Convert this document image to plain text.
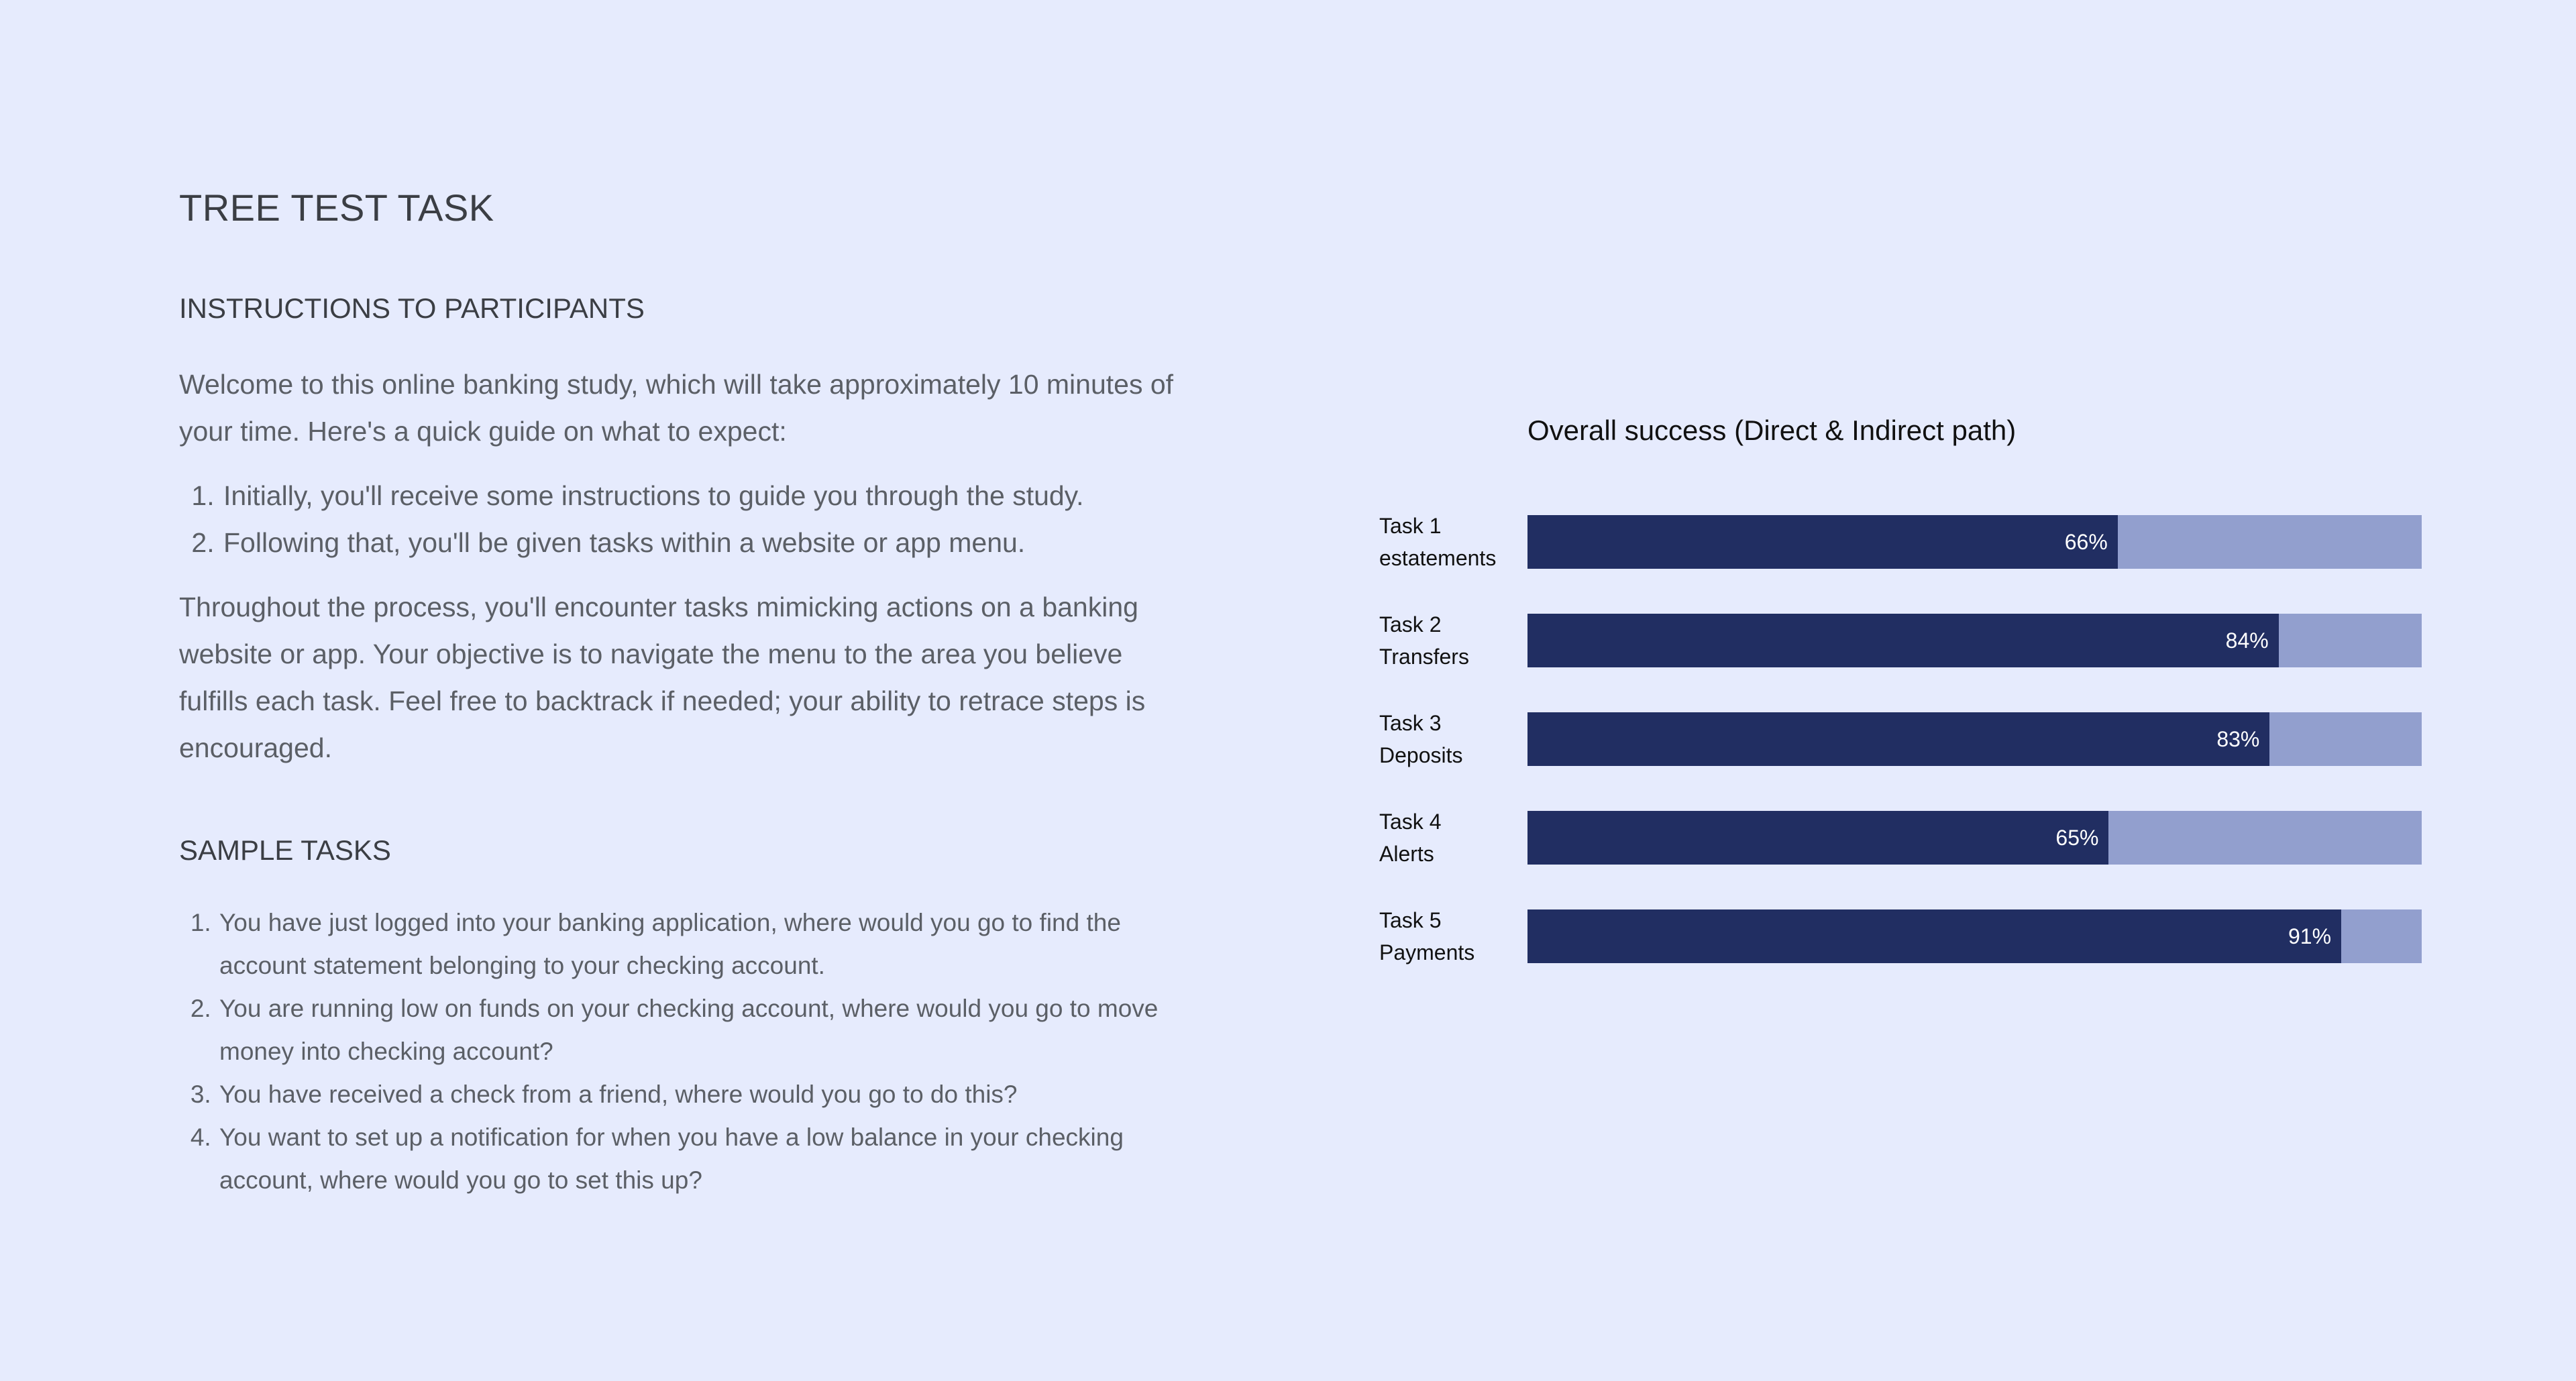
TREE TEST TASK
INSTRUCTIONS TO PARTICIPANTS

Welcome to this online banking study, which will take approximately 10 minutes of your time. Here's a quick guide on what to expect:

1. Initially, you'll receive some instructions to guide you through the study.
2. Following that, you'll be given tasks within a website or app menu.

Throughout the process, you'll encounter tasks mimicking actions on a banking website or app. Your objective is to navigate the menu to the area you believe fulfills each task. Feel free to backtrack if needed; your ability to retrace steps is encouraged.

SAMPLE TASKS
1. You have just logged into your banking application, where would you go to find the account statement belonging to your checking account.
2. You are running low on funds on your checking account, where would you go to move money into checking account?
3. You have received a check from a friend, where would you go to do this?
4. You want to set up a notification for when you have a low balance in your checking account, where would you go to set this up?
Overall success (Direct & Indirect path)
Task 1
estatements
66%
Task 2
Transfers
84%
Task 3
Deposits
83%
Task 4
Alerts
65%
Task 5
Payments
91%
